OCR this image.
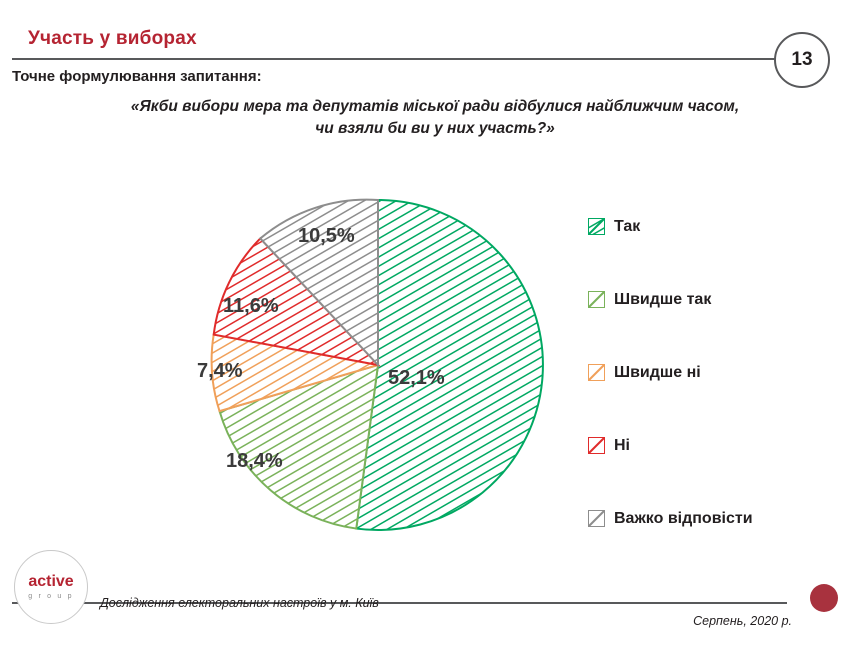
Участь у виборах
13
Точне формулювання запитання:
«Якби вибори мера та депутатів міської ради відбулися найближчим часом,
чи взяли би ви у них участь?»
52,1%
18,4%
7,4%
11,6%
10,5%	Так
Швидше так
Швидше ні
Ні
Важко відповісти
active
g r o u p Дослідження електоральних настроїв у м. Київ
Серпень, 2020 р.
